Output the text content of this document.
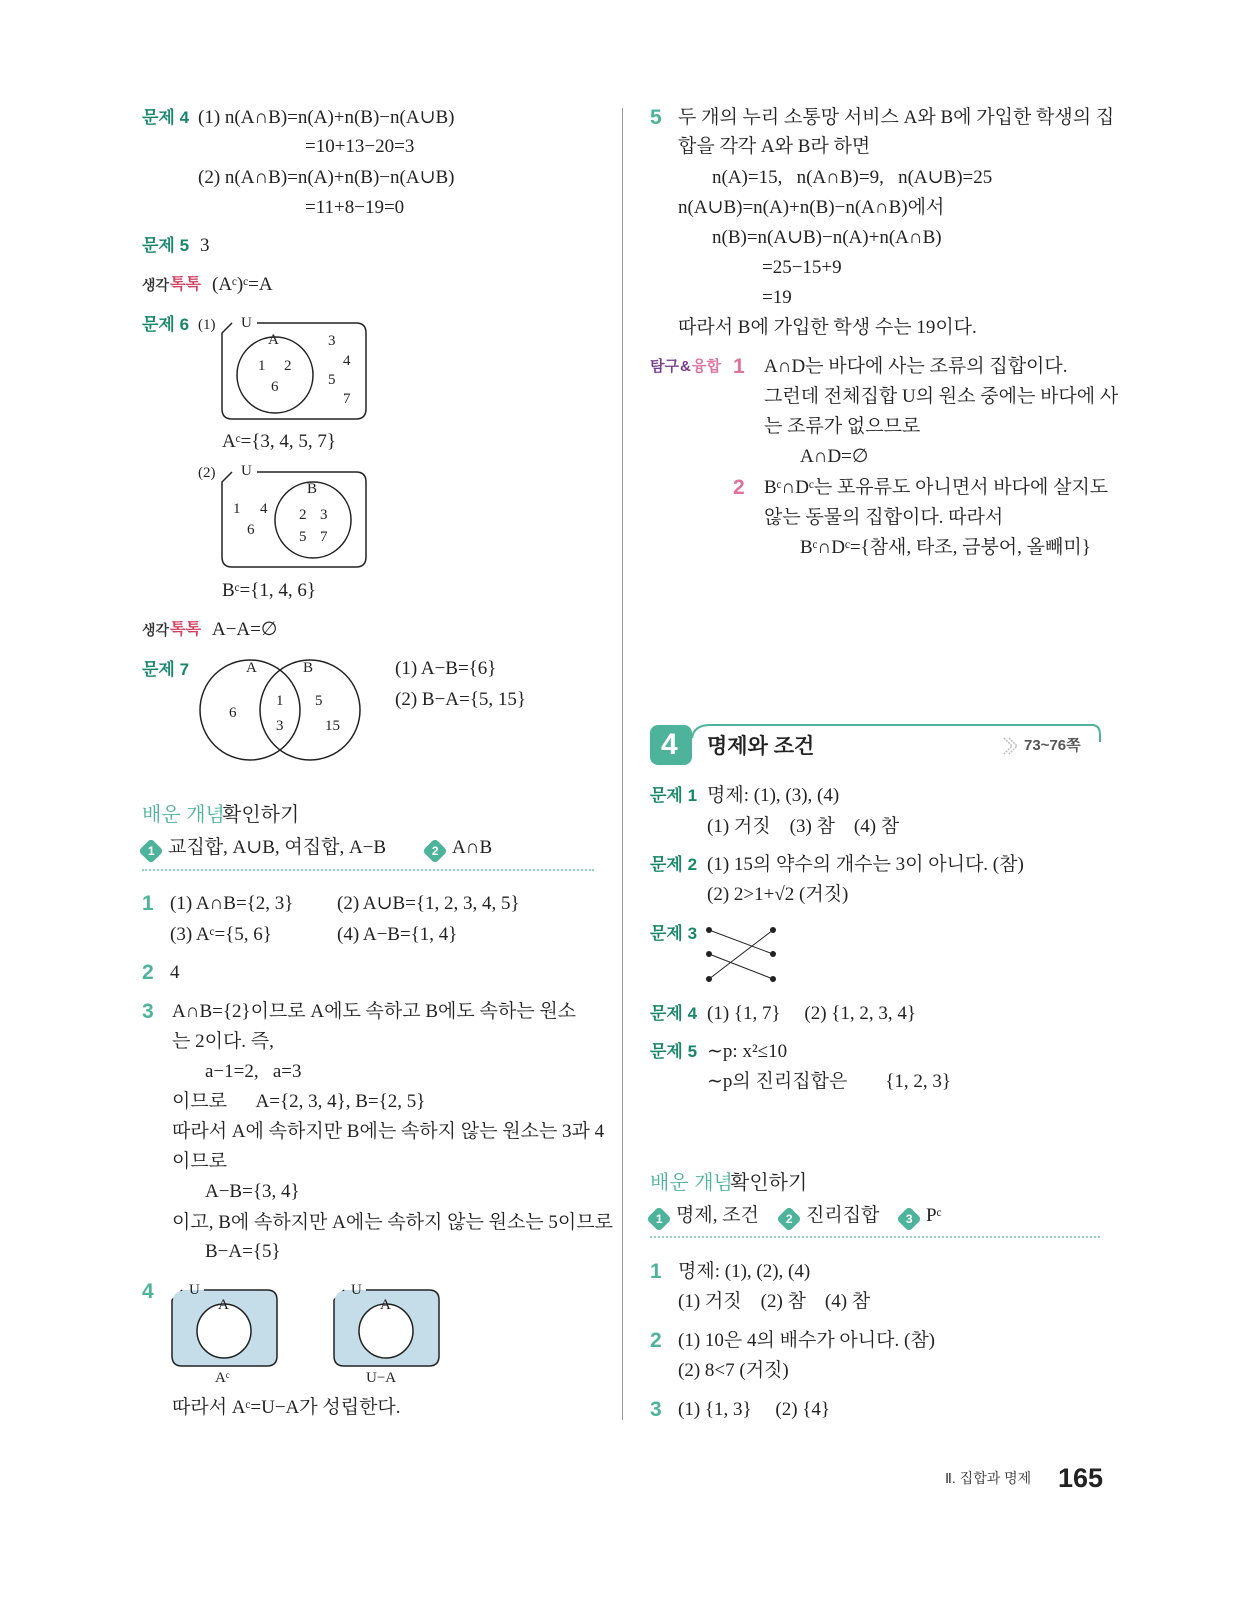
문제 4 (1) n(A∩B)=n(A)+n(B)−n(A∪B)
=10+13−20=3
(2) n(A∩B)=n(A)+n(B)−n(A∪B)
=11+8−19=0
문제 5 3
생각 톡톡 (Aᶜ)ᶜ=A
문제 6 (1) U
A
1 2
6
3
4
5
7
Aᶜ={3, 4, 5, 7}
(2) U
B
1 4
6
2 3
5 7
Bᶜ={1, 4, 6}
생각 톡톡 A−A=∅
문제 7	A	B
6
1
3
5
15
(1) A−B={6}
(2) B−A={5, 15}
배운 개념
확인하기
1 (1) A∩B={2, 3} (2) A∪B={1, 2, 3, 4, 5}
(3) Aᶜ={5, 6}	(4) A−B={1, 4}
2 4
3 A∩B={2}이므로 A에도 속하고 B에도 속하는 원소
는 2이다. 즉,
a−1=2,   a=3
이므로      A={2, 3, 4}, B={2, 5}
따라서 A에 속하지만 B에는 속하지 않는 원소는 3과 4
이므로
A−B={3, 4}
이고, B에 속하지만 A에는 속하지 않는 원소는 5이므로
B−A={5}
4 U
A
U
A
Aᶜ	U−A
따라서 Aᶜ=U−A가 성립한다.
5 두 개의 누리 소통망 서비스 A와 B에 가입한 학생의 집
합을 각각 A와 B라 하면
n(A)=15,   n(A∩B)=9,   n(A∪B)=25
n(A∪B)=n(A)+n(B)−n(A∩B)에서
n(B)=n(A∪B)−n(A)+n(A∩B)
=25−15+9
=19
따라서 B에 가입한 학생 수는 19이다.
탐구 & 융합 1 A∩D는 바다에 사는 조류의 집합이다.
그런데 전체집합 U의 원소 중에는 바다에 사
는 조류가 없으므로
A∩D=∅
2 Bᶜ∩Dᶜ는 포유류도 아니면서 바다에 살지도
않는 동물의 집합이다. 따라서
Bᶜ∩Dᶜ={참새, 타조, 금붕어, 올빼미}
4 명제와 조건	73~76쪽
문제 1 명제: (1), (3), (4)
(1) 거짓    (3) 참    (4) 참
문제 2 (1) 15의 약수의 개수는 3이 아니다. (참)
(2) 2>1+√2 (거짓)
문제 3
문제 4 (1) {1, 7}     (2) {1, 2, 3, 4}
문제 5 ∼p: x²≤10
∼p의 진리집합은        {1, 2, 3}
배운 개념
확인하기
1 명제: (1), (2), (4)
(1) 거짓    (2) 참    (4) 참
2 (1) 10은 4의 배수가 아니다. (참)
(2) 8<7 (거짓)
3 (1) {1, 3}     (2) {4}
Ⅱ. 집합과 명제 165
1 교집합, A∪B, 여집합, A−B	2 A∩B
1 명제, 조건	2 진리집합	3 Pᶜ
